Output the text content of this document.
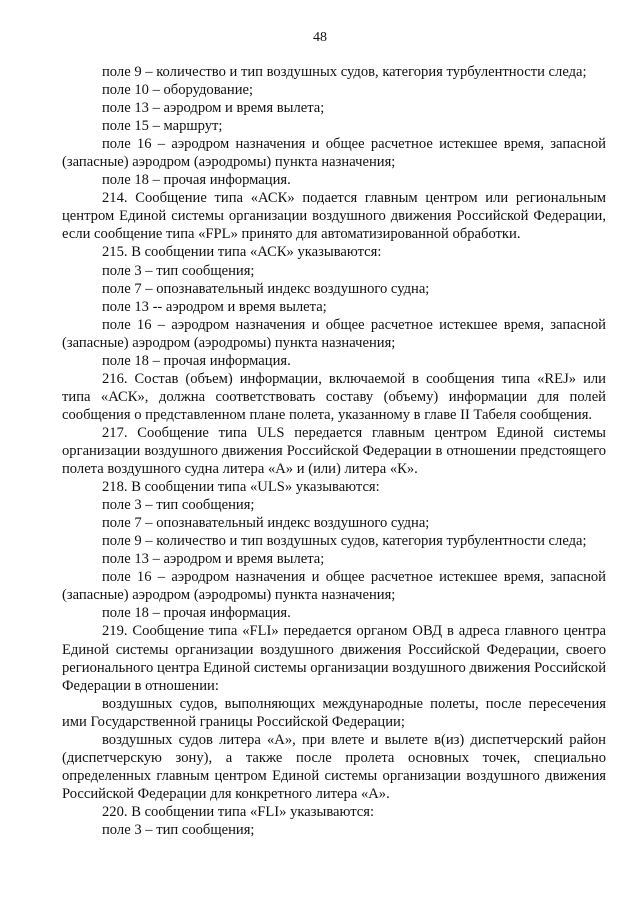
48

поле 9 – количество и тип воздушных судов, категория турбулентности следа;

поле 10 – оборудование;

поле 13 – аэродром и время вылета;

поле 15 – маршрут;

поле 16 – аэродром назначения и общее расчетное истекшее время, запасной (запасные) аэродром (аэродромы) пункта назначения;

поле 18 – прочая информация.

214. Сообщение типа «АСК» подается главным центром или региональным центром Единой системы организации воздушного движения Российской Федерации, если сообщение типа «FPL» принято для автоматизированной обработки.

215. В сообщении типа «АСК» указываются:

поле 3 – тип сообщения;

поле 7 – опознавательный индекс воздушного судна;

поле 13 -- аэродром и время вылета;

поле 16 – аэродром назначения и общее расчетное истекшее время, запасной (запасные) аэродром (аэродромы) пункта назначения;

поле 18 – прочая информация.

216. Состав (объем) информации, включаемой в сообщения типа «REJ» или типа «АСК», должна соответствовать составу (объему) информации для полей сообщения о представленном плане полета, указанному в главе II Табеля сообщения.

217. Сообщение типа ULS передается главным центром Единой системы организации воздушного движения Российской Федерации в отношении предстоящего полета воздушного судна литера «А» и (или) литера «К».

218. В сообщении типа «ULS» указываются:

поле 3 – тип сообщения;

поле 7 – опознавательный индекс воздушного судна;

поле 9 – количество и тип воздушных судов, категория турбулентности следа;

поле 13 – аэродром и время вылета;

поле 16 – аэродром назначения и общее расчетное истекшее время, запасной (запасные) аэродром (аэродромы) пункта назначения;

поле 18 – прочая информация.

219. Сообщение типа «FLI» передается органом ОВД в адреса главного центра Единой системы организации воздушного движения Российской Федерации, своего регионального центра Единой системы организации воздушного движения Российской Федерации в отношении:

воздушных судов, выполняющих международные полеты, после пересечения ими Государственной границы Российской Федерации;

воздушных судов литера «А», при влете и вылете в(из) диспетчерский район (диспетчерскую зону), а также после пролета основных точек, специально определенных главным центром Единой системы организации воздушного движения Российской Федерации для конкретного литера «А».

220. В сообщении типа «FLI» указываются:

поле 3 – тип сообщения;
